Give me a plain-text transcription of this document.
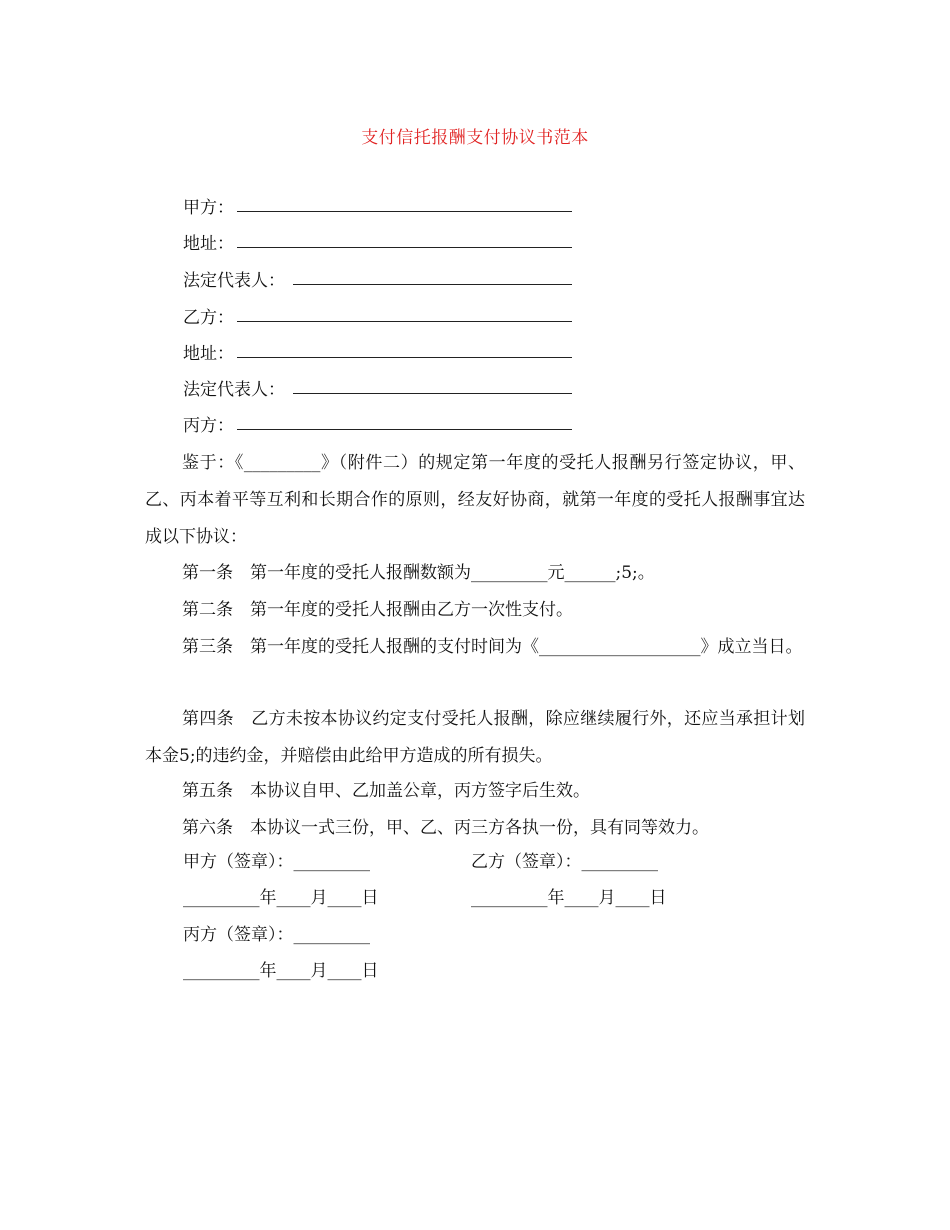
支付信托报酬支付协议书范本
甲方：
地址：
法定代表人：
乙方：
地址：
法定代表人：
丙方：
鉴于：《_________》（附件二）的规定第一年度的受托人报酬另行签定协议，甲、乙、丙本着平等互利和长期合作的原则，经友好协商，就第一年度的受托人报酬事宜达成以下协议：
第一条　第一年度的受托人报酬数额为_________元______;5;。
第二条　第一年度的受托人报酬由乙方一次性支付。
第三条　第一年度的受托人报酬的支付时间为《___________________》成立当日。
第四条　乙方未按本协议约定支付受托人报酬，除应继续履行外，还应当承担计划本金5;的违约金，并赔偿由此给甲方造成的所有损失。
第五条　本协议自甲、乙加盖公章，丙方签字后生效。
第六条　本协议一式三份，甲、乙、丙三方各执一份，具有同等效力。
甲方（签章）：_________	乙方（签章）：_________
_________年____月____日	_________年____月____日
丙方（签章）：_________
_________年____月____日
